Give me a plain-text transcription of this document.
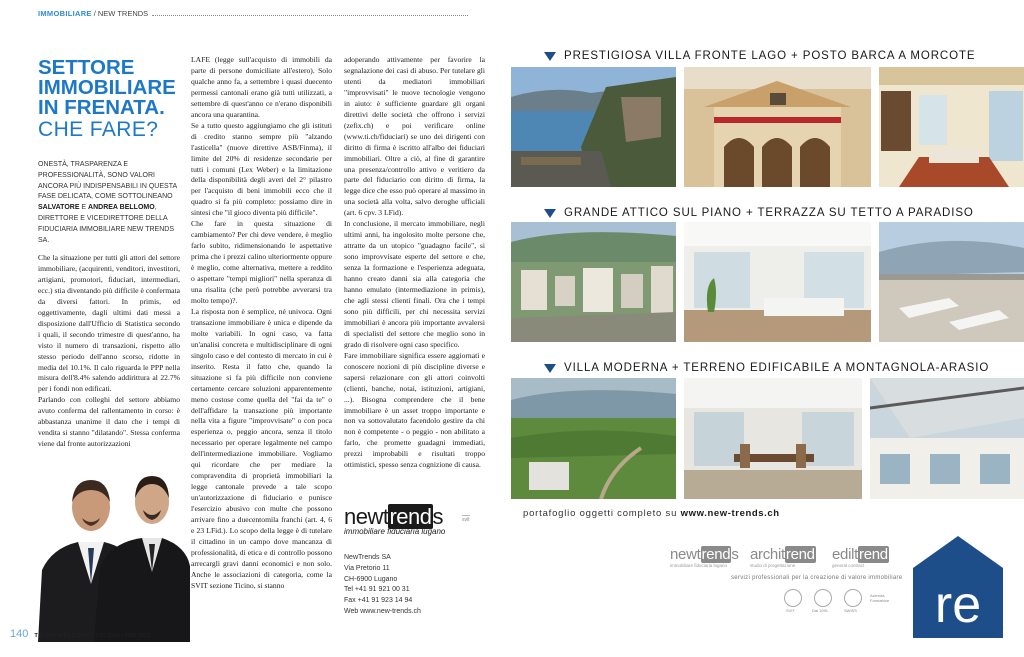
IMMOBILIARE / NEW TRENDS
SETTORE
IMMOBILIARE
IN FRENATA.
CHE FARE?
ONESTÀ, TRASPARENZA E PROFESSIONALITÀ, SONO VALORI ANCORA PIÙ INDISPENSABILI IN QUESTA FASE DELICATA, COME SOTTOLINEANO SALVATORE E ANDREA BELLOMO, DIRETTORE E VICEDIRETTORE DELLA FIDUCIARIA IMMOBILIARE NEW TRENDS SA.

Che la situazione per tutti gli attori del settore immobiliare, (acquirenti, venditori, investitori, artigiani, promotori, fiduciari, intermediari, ecc.) stia diventando più difficile è confermata da diversi fattori. In primis, ed oggettivamente, dagli ultimi dati messi a disposizione dall'Ufficio di Statistica secondo i quali, il secondo trimestre di quest'anno, ha visto il numero di transazioni, rispetto allo stesso periodo dell'anno scorso, ridotte in media del 10.1%. Il calo riguarda le PPP nella misura dell'8.4% salendo addirittura al 22.7% per i fondi non edificati.

Parlando con colleghi del settore abbiamo avuto conferma del rallentamento in corso: è abbastanza unanime il dato che i tempi di vendita si stanno "dilatando". Stessa conferma viene dal fronte autorizzazioni

LAFE (legge sull'acquisto di immobili da parte di persone domiciliate all'estero). Solo qualche anno fa, a settembre i quasi duecento permessi cantonali erano già tutti utilizzati, a settembre di quest'anno ce n'erano disponibili ancora una quarantina.

Se a tutto questo aggiungiamo che gli istituti di credito stanno sempre più "alzando l'asticella" (nuove direttive ASB/Finma), il limite del 20% di residenze secondarie per tutti i comuni (Lex Weber) e la limitazione della disponibilità degli averi del 2° pilastro per l'acquisto di beni immobili ecco che il quadro si fa più completo: possiamo dire in sintesi che "il gioco diventa più difficile".

Che fare in questa situazione di cambiamento? Per chi deve vendere, è meglio farlo subito, ridimensionando le aspettative prima che i prezzi calino ulteriormente oppure è meglio, come alternativa, mettere a reddito o aspettare "tempi migliori" nella speranza di una risalita (che però potrebbe avverarsi tra molto tempo)?.

La risposta non è semplice, né univoca. Ogni transazione immobiliare è unica e dipende da molte variabili. In ogni caso, va fatta un'analisi concreta e multidisciplinare di ogni singolo caso e del contesto di mercato in cui è inserito. Resta il fatto che, quando la situazione si fa più difficile non conviene certamente cercare soluzioni apparentemente meno costose come quella del "fai da te" o dell'affidare la transazione più importante nella vita a figure "improvvisate" o con poca esperienza o, peggio ancora, senza il titolo necessario per operare legalmente nel campo dell'intermediazione immobiliare. Vogliamo qui ricordare che per mediare la compravendita di proprietà immobiliari la legge cantonale prevede a tale scopo un'autorizzazione di fiduciario e punisce l'esercizio abusivo con multe che possono arrivare fino a duecentomila franchi (art. 4, 6 e 23 LFid.). Lo scopo della legge è di tutelare il cittadino in un campo dove mancanza di professionalità, di etica e di controllo possono arrecargli gravi danni economici e non solo. Anche le associazioni di categoria, come la SVIT sezione Ticino, si stanno

adoperando attivamente per favorire la segnalazione dei casi di abuso. Per tutelare gli utenti da mediatori immobiliari "improvvisati" le nuove tecnologie vengono in aiuto: è sufficiente guardare gli organi direttivi delle società che offrono i servizi (zefix.ch) e poi verificare online (www.ti.ch/fiduciari) se uno dei dirigenti con diritto di firma è iscritto all'albo dei fiduciari immobiliari. Oltre a ciò, al fine di garantire una presenza/controllo attivo e veritiero da parte del fiduciario con diritto di firma, la legge dice che esso può operare al massimo in una società alla volta, salvo deroghe ufficiali (art. 6 cpv. 3 LFid).

In conclusione, il mercato immobiliare, negli ultimi anni, ha ingolosito molte persone che, attratte da un utopico "guadagno facile", si sono improvvisate esperte del settore e che, senza la formazione e l'esperienza adeguata, hanno creato danni sia alla categoria che hanno emulato (intermediazione in primis), che agli stessi clienti finali. Ora che i tempi sono più difficili, per chi necessita servizi immobiliari è ancora più importante avvalersi di specialisti del settore che meglio sono in grado di risolvere ogni caso specifico.

Fare immobiliare significa essere aggiornati e conoscere nozioni di più discipline diverse e sapersi relazionare con gli attori coinvolti (clienti, banche, notai, istituzioni, artigiani, ...). Bisogna comprendere che il bene immobiliare è un asset troppo importante e non va sottovalutato facendolo gestire da chi non è competente - o peggio - non abilitato a farlo, che promette guadagni immediati, prezzi improbabili e risultati troppo ottimistici, spesso senza cognizione di causa.

newtrends
immobiliare fiduciaria lugano
svit
NewTrends SA
Via Pretorio 11
CH-6900 Lugano
Tel +41 91 921 00 31
Fax +41 91 923 14 94
Web www.new-trends.ch
140 TICINO WELCOME • DIC 2014 / FEB 2015
PRESTIGIOSA VILLA FRONTE LAGO + POSTO BARCA A MORCOTE
GRANDE ATTICO SUL PIANO + TERRAZZA SU TETTO A PARADISO
VILLA MODERNA + TERRENO EDIFICABILE A MONTAGNOLA-ARASIO
portafoglio oggetti completo su www.new-trends.ch
newtrends
immobiliare fiduciaria lugano
architrend
studio di progettazione
ediltrend
general contract
servizi professionali per la creazione di valore immobiliare
SVIT	Dal 1991	SWISS
Azienda Formatrice re
